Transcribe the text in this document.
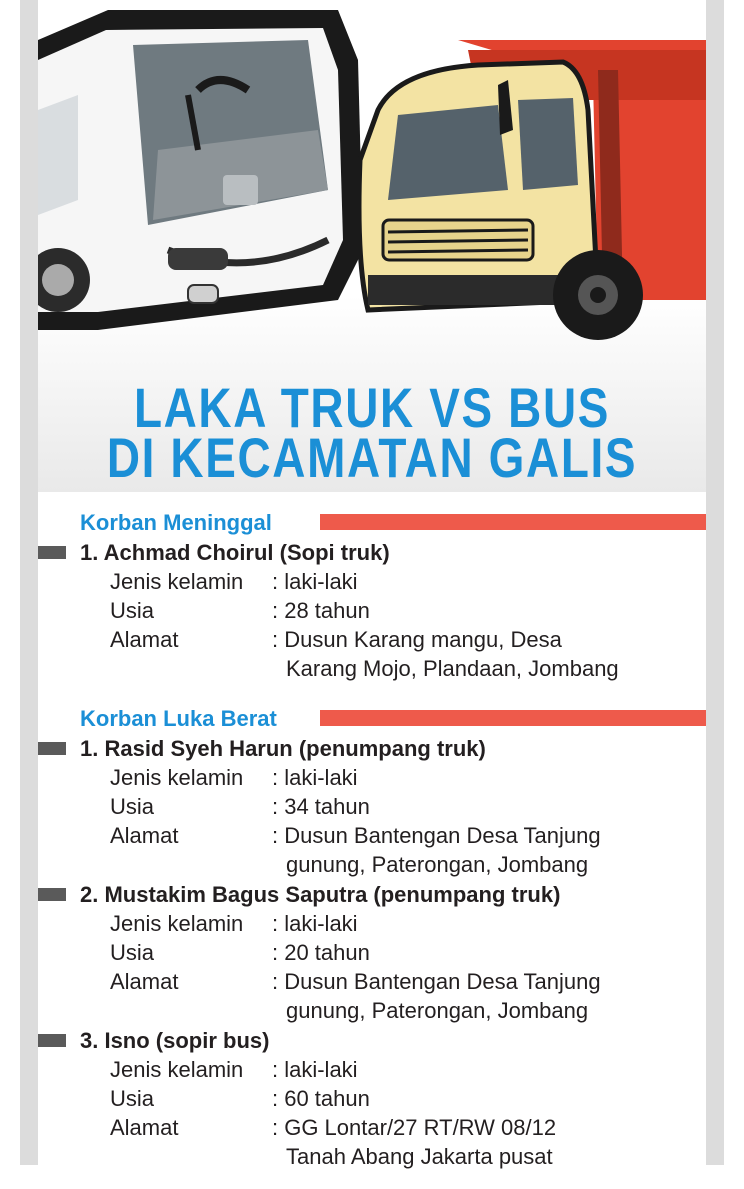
LAKA TRUK VS BUS
DI KECAMATAN GALIS
Korban Meninggal
1. Achmad Choirul (Sopi truk)
Jenis kelamin : laki-laki
Usia	: 28 tahun
Alamat	: Dusun Karang mangu, Desa
Karang Mojo, Plandaan, Jombang
Korban Luka Berat
1. Rasid Syeh Harun (penumpang truk)
Jenis kelamin : laki-laki
Usia	: 34 tahun
Alamat	: Dusun Bantengan Desa Tanjung
gunung, Paterongan, Jombang
2. Mustakim Bagus Saputra (penumpang truk)
Jenis kelamin : laki-laki
Usia	: 20 tahun
Alamat	: Dusun Bantengan Desa Tanjung
gunung, Paterongan, Jombang
3. Isno (sopir bus)
Jenis kelamin : laki-laki
Usia	: 60 tahun
Alamat	: GG Lontar/27 RT/RW 08/12
Tanah Abang Jakarta pusat
